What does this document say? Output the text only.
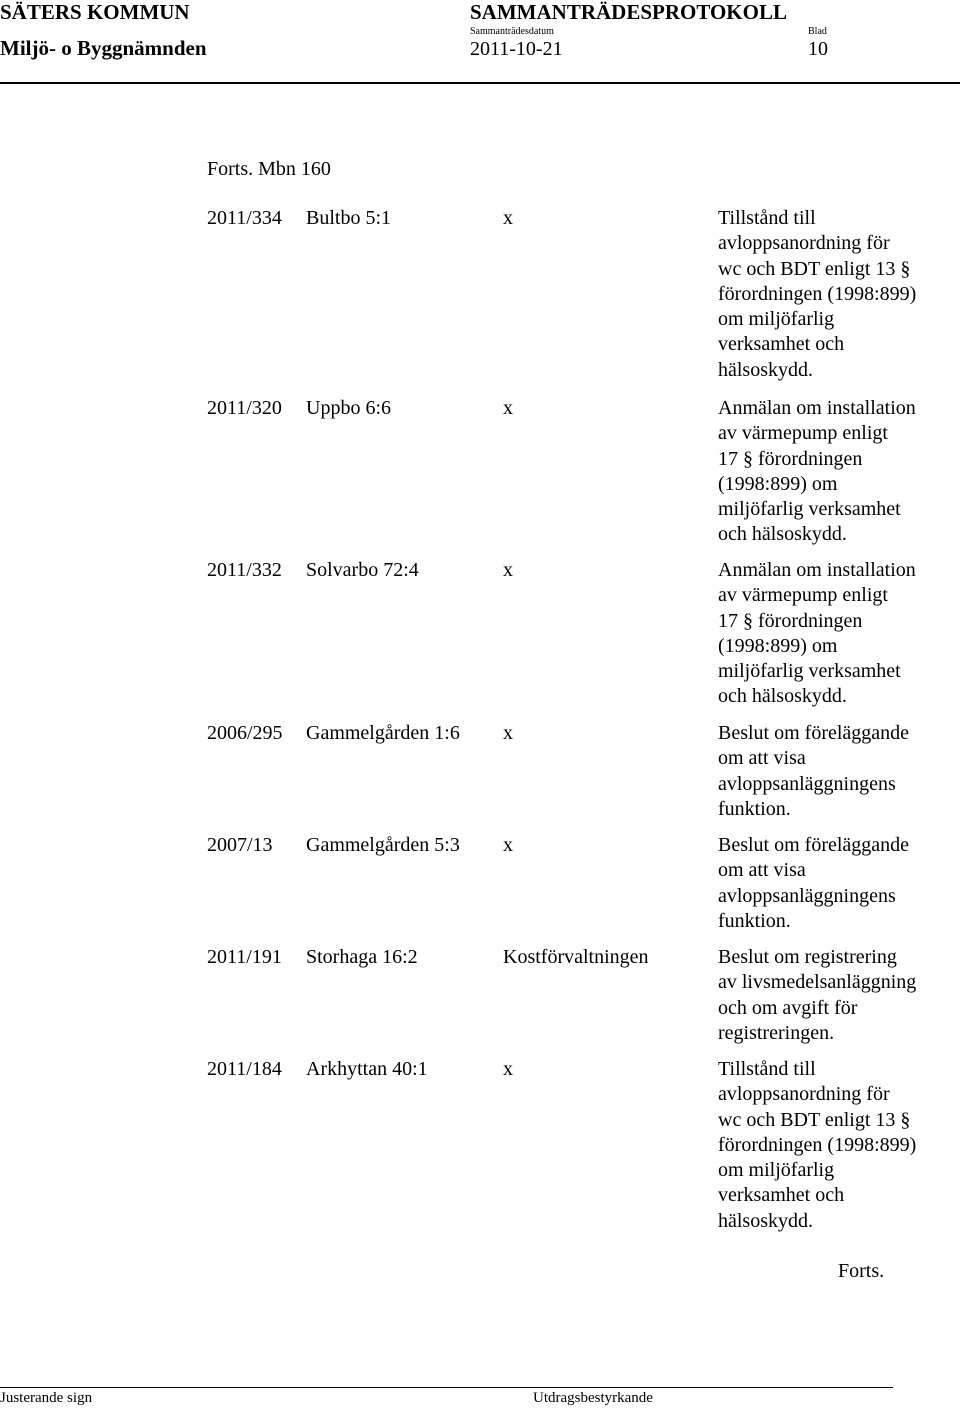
SÄTERS KOMMUN	SAMMANTRÄDESPROTOKOLL
Miljö- o Byggnämnden
Sammanträdesdatum
2011-10-21
Blad
10
Forts. Mbn 160
2011/334 Bultbo 5:1	x	Tillstånd till
avloppsanordning för
wc och BDT enligt 13 §
förordningen (1998:899)
om miljöfarlig
verksamhet och
hälsoskydd.
2011/320 Uppbo 6:6	x	Anmälan om installation
av värmepump enligt
17 § förordningen
(1998:899) om
miljöfarlig verksamhet
och hälsoskydd.
2011/332 Solvarbo 72:4	x	Anmälan om installation
av värmepump enligt
17 § förordningen
(1998:899) om
miljöfarlig verksamhet
och hälsoskydd.
2006/295 Gammelgården 1:6 x	Beslut om föreläggande
om att visa
avloppsanläggningens
funktion.
2007/13 Gammelgården 5:3 x	Beslut om föreläggande
om att visa
avloppsanläggningens
funktion.
2011/191 Storhaga 16:2	Kostförvaltningen	Beslut om registrering
av livsmedelsanläggning
och om avgift för
registreringen.
2011/184 Arkhyttan 40:1	x	Tillstånd till
avloppsanordning för
wc och BDT enligt 13 §
förordningen (1998:899)
om miljöfarlig
verksamhet och
hälsoskydd.
Forts.
Justerande sign	Utdragsbestyrkande
